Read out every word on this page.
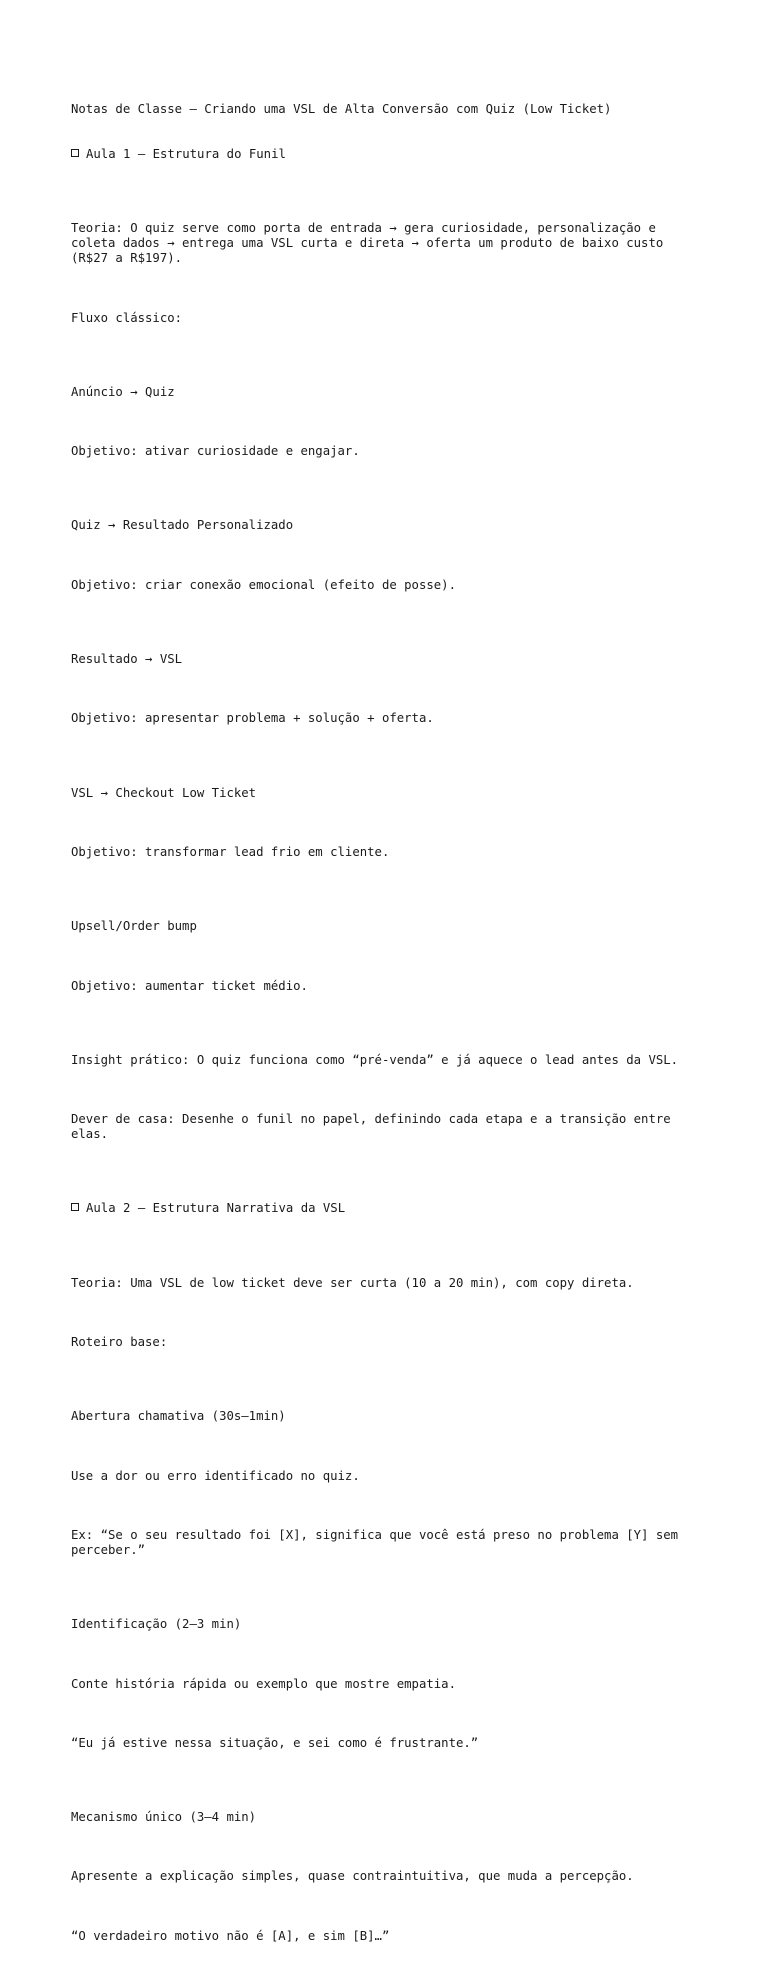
Notas de Classe – Criando uma VSL de Alta Conversão com Quiz (Low Ticket)

Aula 1 – Estrutura do Funil

Teoria: O quiz serve como porta de entrada → gera curiosidade, personalização e coleta dados → entrega uma VSL curta e direta → oferta um produto de baixo custo (R$27 a R$197).

Fluxo clássico:

Anúncio → Quiz

Objetivo: ativar curiosidade e engajar.

Quiz → Resultado Personalizado

Objetivo: criar conexão emocional (efeito de posse).

Resultado → VSL

Objetivo: apresentar problema + solução + oferta.

VSL → Checkout Low Ticket

Objetivo: transformar lead frio em cliente.

Upsell/Order bump

Objetivo: aumentar ticket médio.

Insight prático: O quiz funciona como “pré-venda” e já aquece o lead antes da VSL.

Dever de casa: Desenhe o funil no papel, definindo cada etapa e a transição entre elas.

Aula 2 – Estrutura Narrativa da VSL

Teoria: Uma VSL de low ticket deve ser curta (10 a 20 min), com copy direta.

Roteiro base:

Abertura chamativa (30s–1min)

Use a dor ou erro identificado no quiz.

Ex: “Se o seu resultado foi [X], significa que você está preso no problema [Y] sem perceber.”

Identificação (2–3 min)

Conte história rápida ou exemplo que mostre empatia.

“Eu já estive nessa situação, e sei como é frustrante.”

Mecanismo único (3–4 min)

Apresente a explicação simples, quase contraintuitiva, que muda a percepção.

“O verdadeiro motivo não é [A], e sim [B]…”
